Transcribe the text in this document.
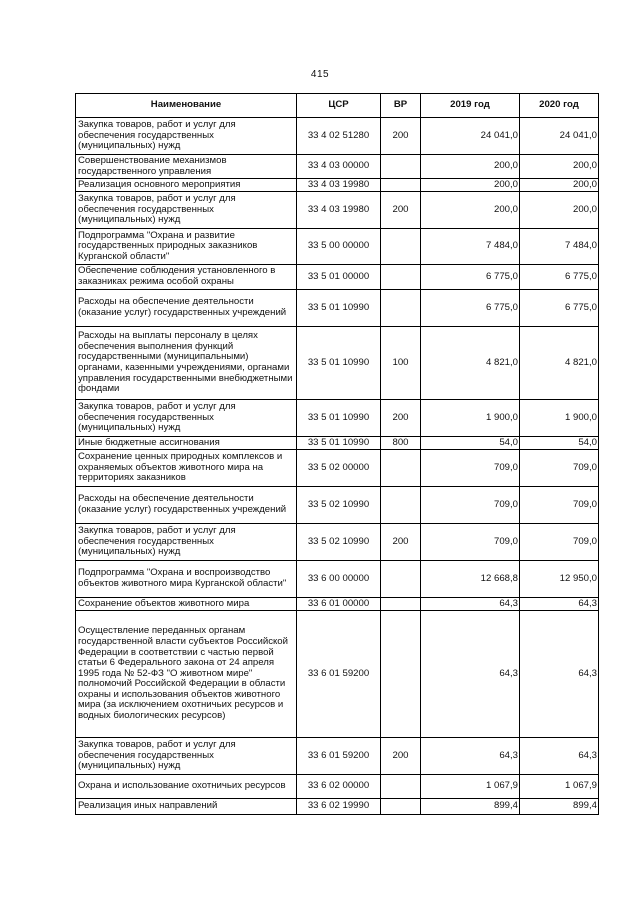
415
Наименование	ЦСР	ВР	2019 год	2020 год
Закупка товаров, работ и услуг для обеспечения государственных (муниципальных) нужд	33 4 02 51280	200	24 041,0	24 041,0
Совершенствование механизмов государственного управления	33 4 03 00000		200,0	200,0
Реализация основного мероприятия	33 4 03 19980		200,0	200,0
Закупка товаров, работ и услуг для обеспечения государственных (муниципальных) нужд	33 4 03 19980	200	200,0	200,0
Подпрограмма "Охрана и развитие государственных природных заказников Курганской области"	33 5 00 00000		7 484,0	7 484,0
Обеспечение соблюдения установленного в заказниках режима особой охраны	33 5 01 00000		6 775,0	6 775,0
Расходы на обеспечение деятельности (оказание услуг) государственных учреждений	33 5 01 10990		6 775,0	6 775,0
Расходы на выплаты персоналу в целях обеспечения выполнения функций государственными (муниципальными) органами, казенными учреждениями, органами управления государственными внебюджетными фондами	33 5 01 10990	100	4 821,0	4 821,0
Закупка товаров, работ и услуг для обеспечения государственных (муниципальных) нужд	33 5 01 10990	200	1 900,0	1 900,0
Иные бюджетные ассигнования	33 5 01 10990	800	54,0	54,0
Сохранение ценных природных комплексов и охраняемых объектов животного мира на территориях заказников	33 5 02 00000		709,0	709,0
Расходы на обеспечение деятельности (оказание услуг) государственных учреждений	33 5 02 10990		709,0	709,0
Закупка товаров, работ и услуг для обеспечения государственных (муниципальных) нужд	33 5 02 10990	200	709,0	709,0
Подпрограмма "Охрана и воспроизводство объектов животного мира Курганской области"	33 6 00 00000		12 668,8	12 950,0
Сохранение объектов животного мира	33 6 01 00000		64,3	64,3
Осуществление переданных органам государственной власти субъектов Российской Федерации в соответствии с частью первой статьи 6 Федерального закона от 24 апреля 1995 года № 52-ФЗ "О животном мире" полномочий Российской Федерации в области охраны и использования объектов животного мира (за исключением охотничьих ресурсов и водных биологических ресурсов)	33 6 01 59200		64,3	64,3
Закупка товаров, работ и услуг для обеспечения государственных (муниципальных) нужд	33 6 01 59200	200	64,3	64,3
Охрана и использование охотничьих ресурсов	33 6 02 00000		1 067,9	1 067,9
Реализация иных направлений	33 6 02 19990		899,4	899,4
